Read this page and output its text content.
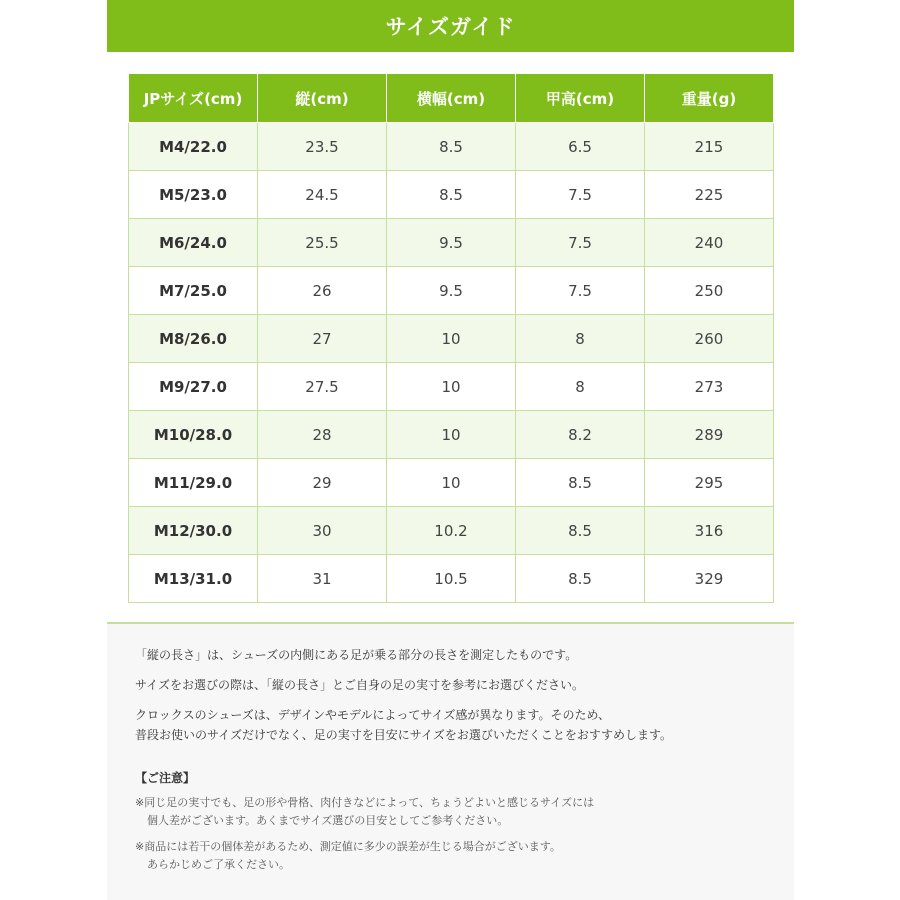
サイズガイド
JPサイズ(cm)	縦(cm)	横幅(cm)	甲高(cm)	重量(g)
M4/22.0	23.5	8.5	6.5	215
M5/23.0	24.5	8.5	7.5	225
M6/24.0	25.5	9.5	7.5	240
M7/25.0	26	9.5	7.5	250
M8/26.0	27	10	8	260
M9/27.0	27.5	10	8	273
M10/28.0	28	10	8.2	289
M11/29.0	29	10	8.5	295
M12/30.0	30	10.2	8.5	316
M13/31.0	31	10.5	8.5	329

「縦の長さ」は、シューズの内側にある足が乗る部分の長さを測定したものです。

サイズをお選びの際は、「縦の長さ」とご自身の足の実寸を参考にお選びください。

クロックスのシューズは、デザインやモデルによってサイズ感が異なります。そのため、

普段お使いのサイズだけでなく、足の実寸を目安にサイズをお選びいただくことをおすすめします。

【ご注意】

※同じ足の実寸でも、足の形や骨格、肉付きなどによって、ちょうどよいと感じるサイズには

個人差がございます。あくまでサイズ選びの目安としてご参考ください。

※商品には若干の個体差があるため、測定値に多少の誤差が生じる場合がございます。

あらかじめご了承ください。
